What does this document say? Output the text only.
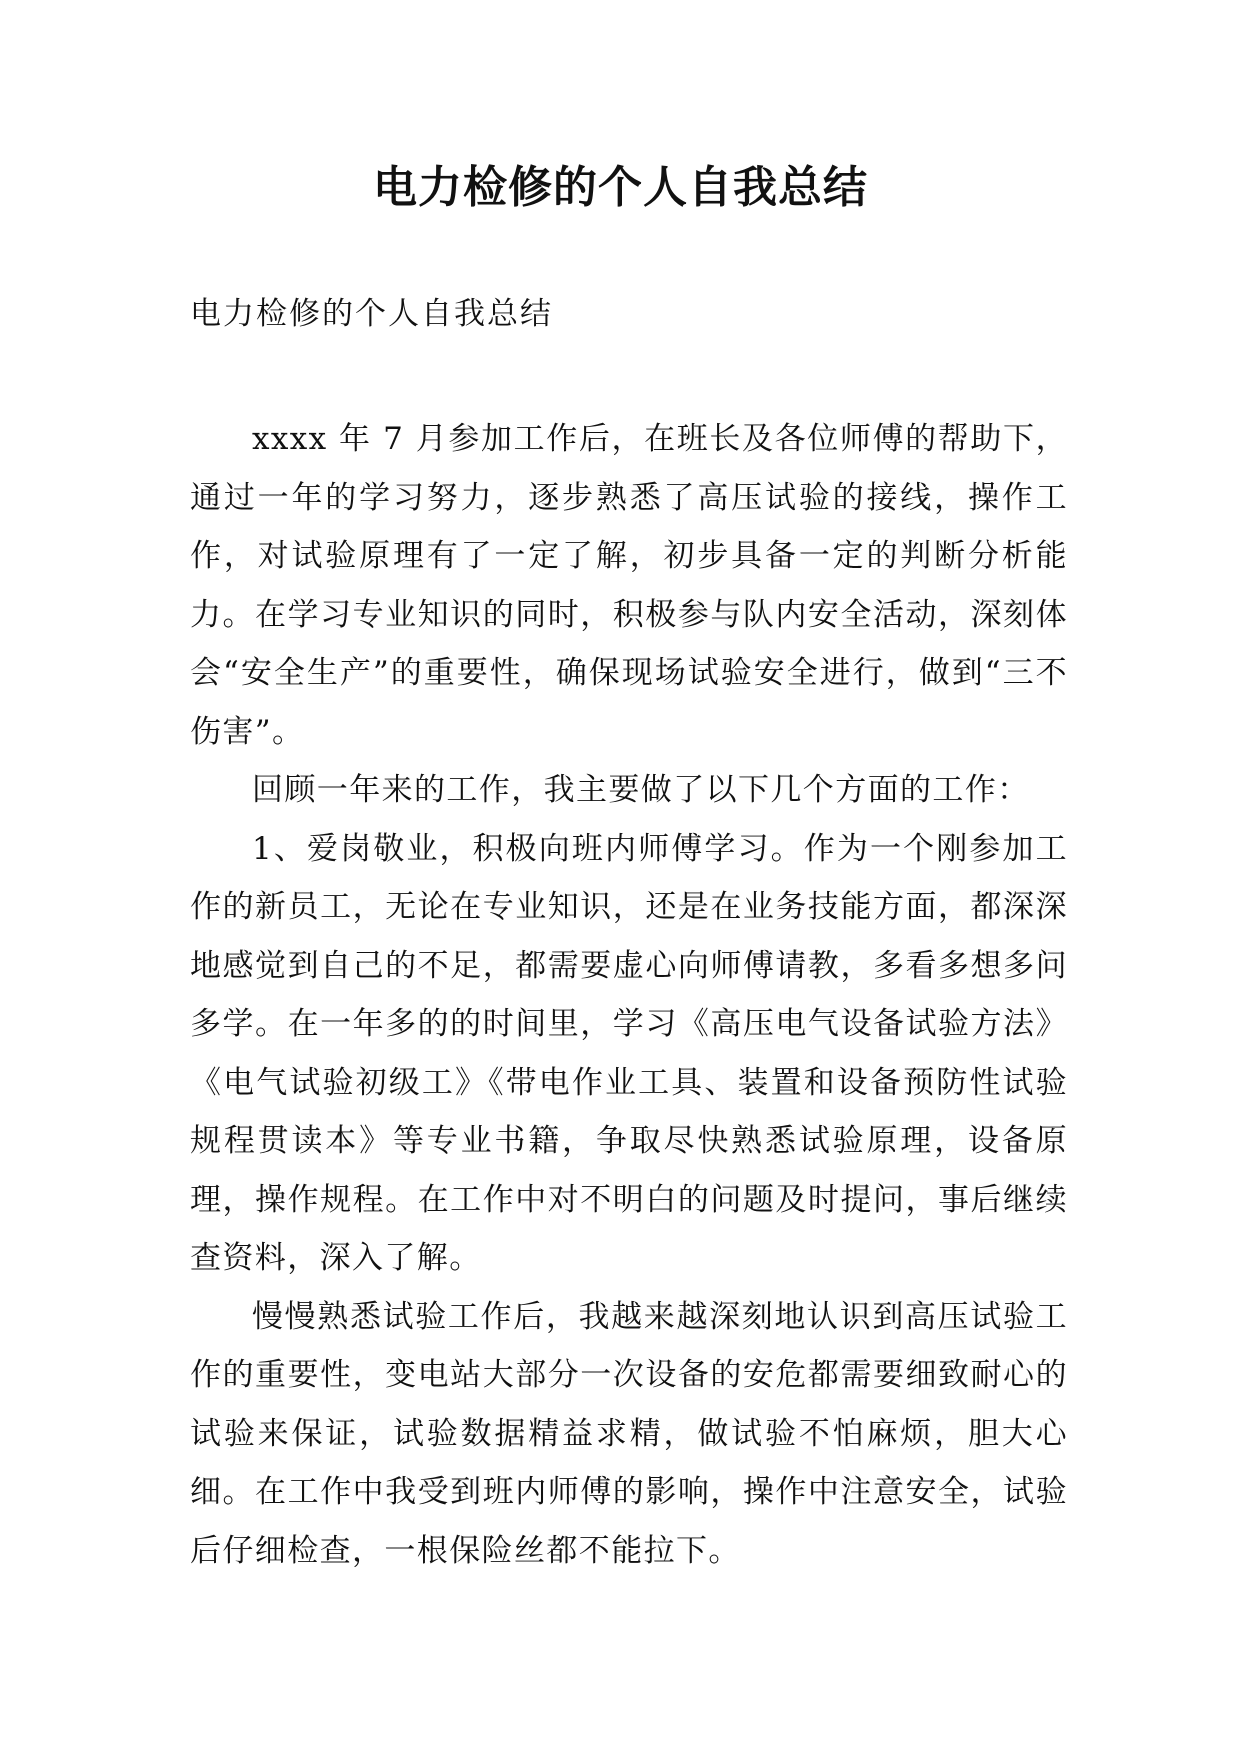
电力检修的个人自我总结

电力检修的个人自我总结

xxxx 年 7 月参加工作后，在班长及各位师傅的帮助下，通过一年的学习努力，逐步熟悉了高压试验的接线，操作工作，对试验原理有了一定了解，初步具备一定的判断分析能力。在学习专业知识的同时，积极参与队内安全活动，深刻体会“安全生产”的重要性，确保现场试验安全进行，做到“三不伤害”。

回顾一年来的工作，我主要做了以下几个方面的工作：

1、爱岗敬业，积极向班内师傅学习。作为一个刚参加工作的新员工，无论在专业知识，还是在业务技能方面，都深深地感觉到自己的不足，都需要虚心向师傅请教，多看多想多问多学。在一年多的的时间里，学习《高压电气设备试验方法》《电气试验初级工》《带电作业工具、装置和设备预防性试验规程贯读本》等专业书籍，争取尽快熟悉试验原理，设备原理，操作规程。在工作中对不明白的问题及时提问，事后继续查资料，深入了解。

慢慢熟悉试验工作后，我越来越深刻地认识到高压试验工作的重要性，变电站大部分一次设备的安危都需要细致耐心的试验来保证，试验数据精益求精，做试验不怕麻烦，胆大心细。在工作中我受到班内师傅的影响，操作中注意安全，试验后仔细检查，一根保险丝都不能拉下。
